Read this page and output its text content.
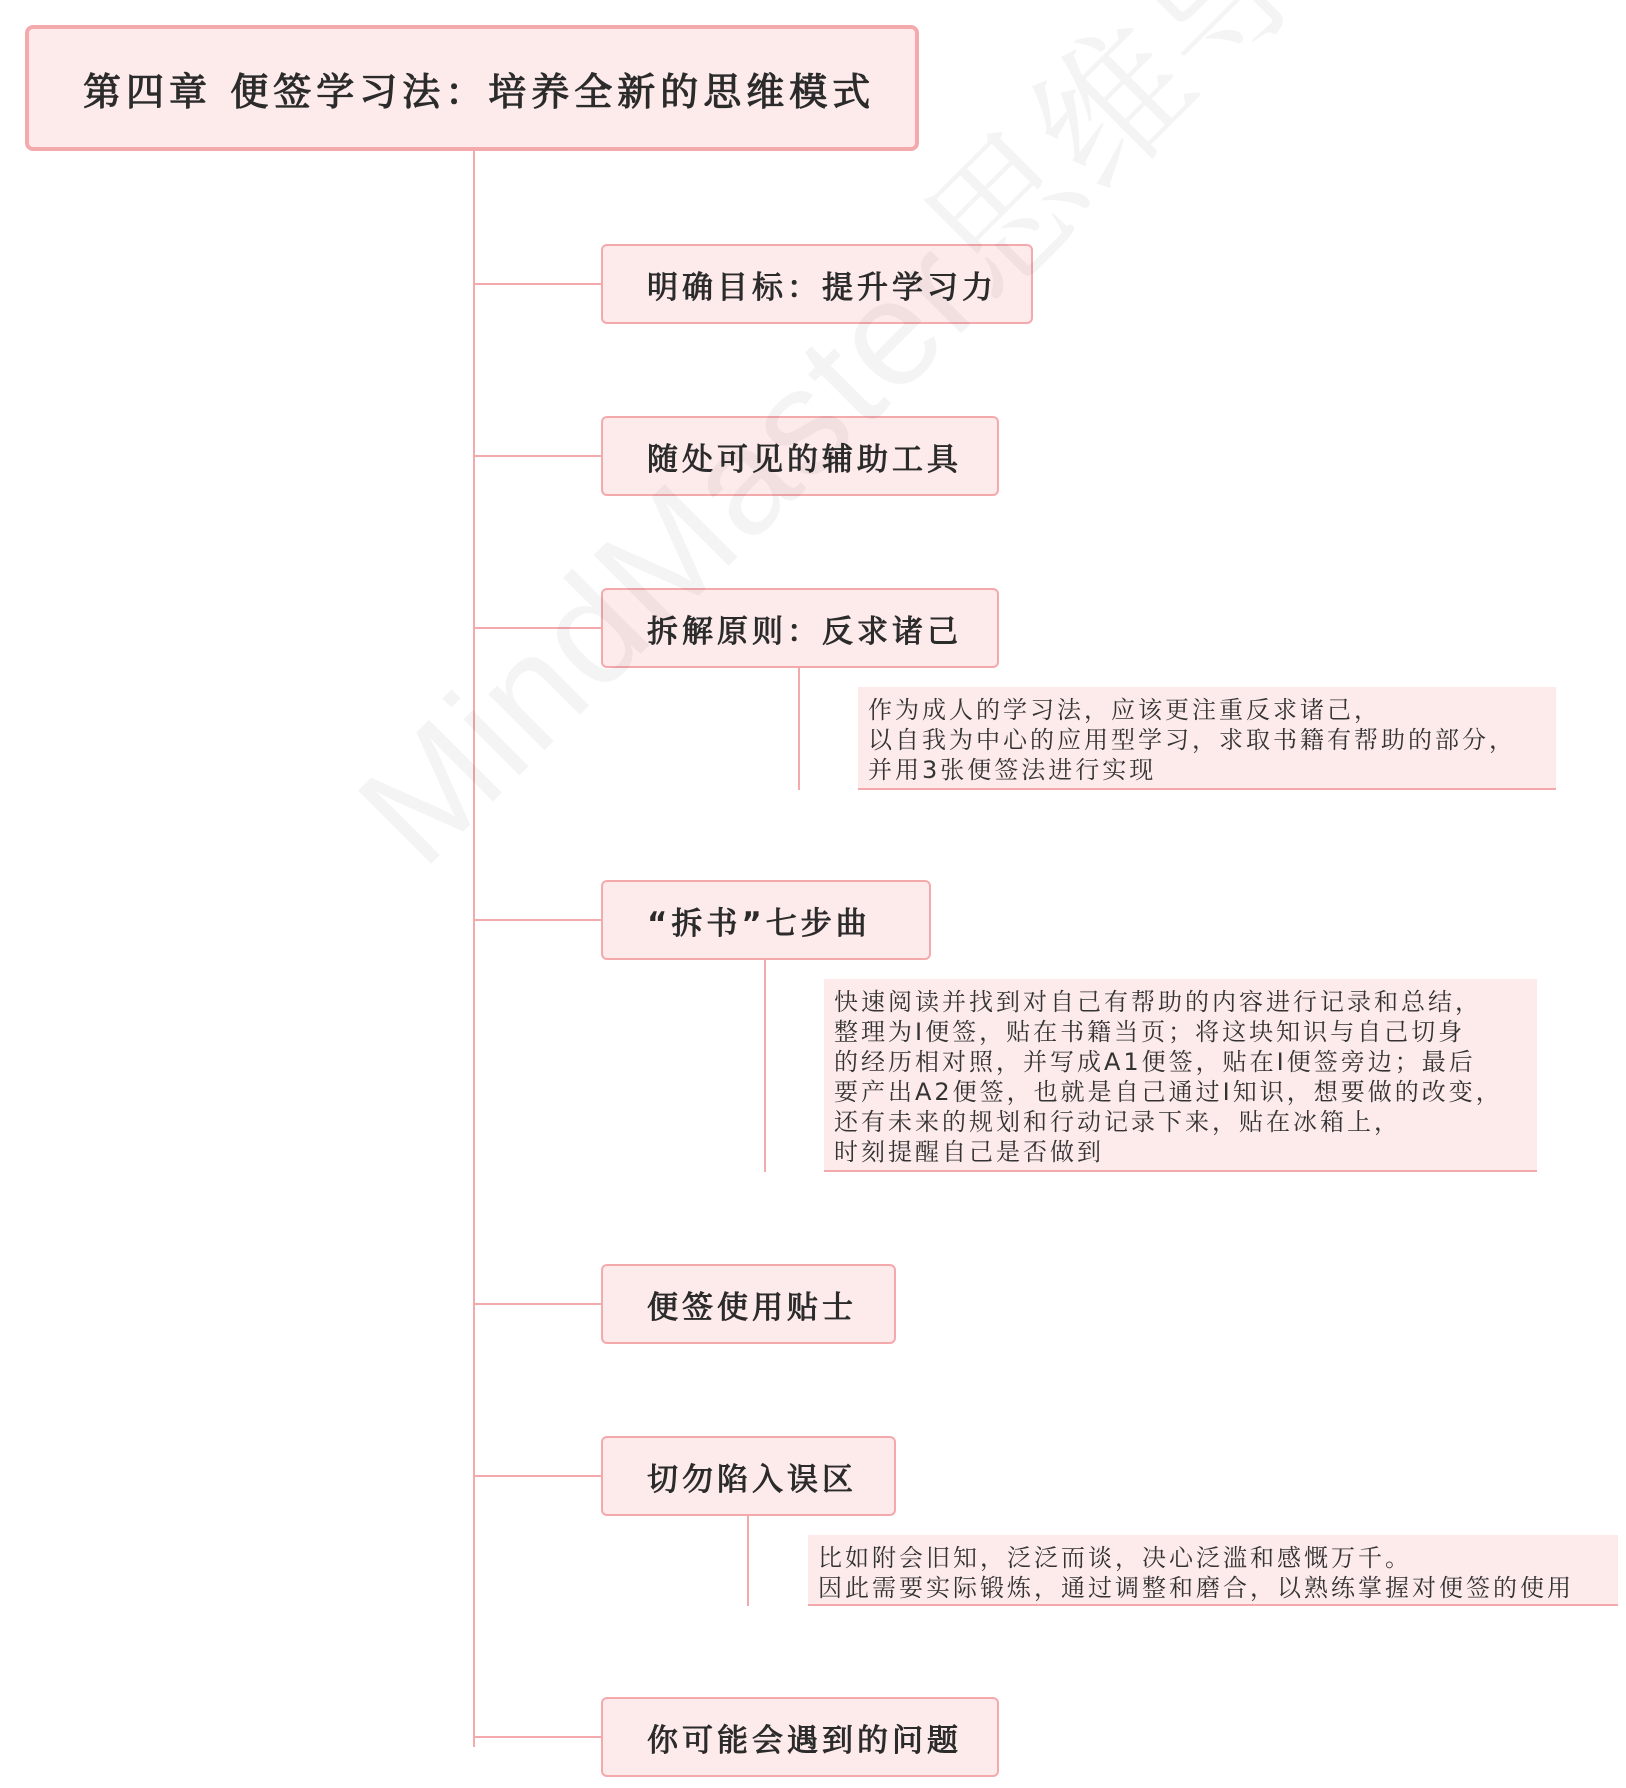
第四章 便签学习法：培养全新的思维模式
明确目标：提升学习力
随处可见的辅助工具
拆解原则：反求诸己
作为成人的学习法，应该更注重反求诸己，
以自我为中心的应用型学习，求取书籍有帮助的部分，
并用3张便签法进行实现
“拆书”七步曲
快速阅读并找到对自己有帮助的内容进行记录和总结，
整理为I便签，贴在书籍当页；将这块知识与自己切身
的经历相对照，并写成A1便签，贴在I便签旁边；最后
要产出A2便签，也就是自己通过I知识，想要做的改变，
还有未来的规划和行动记录下来，贴在冰箱上，
时刻提醒自己是否做到
便签使用贴士
切勿陷入误区
比如附会旧知，泛泛而谈，决心泛滥和感慨万千。
因此需要实际锻炼，通过调整和磨合，以熟练掌握对便签的使用
你可能会遇到的问题
